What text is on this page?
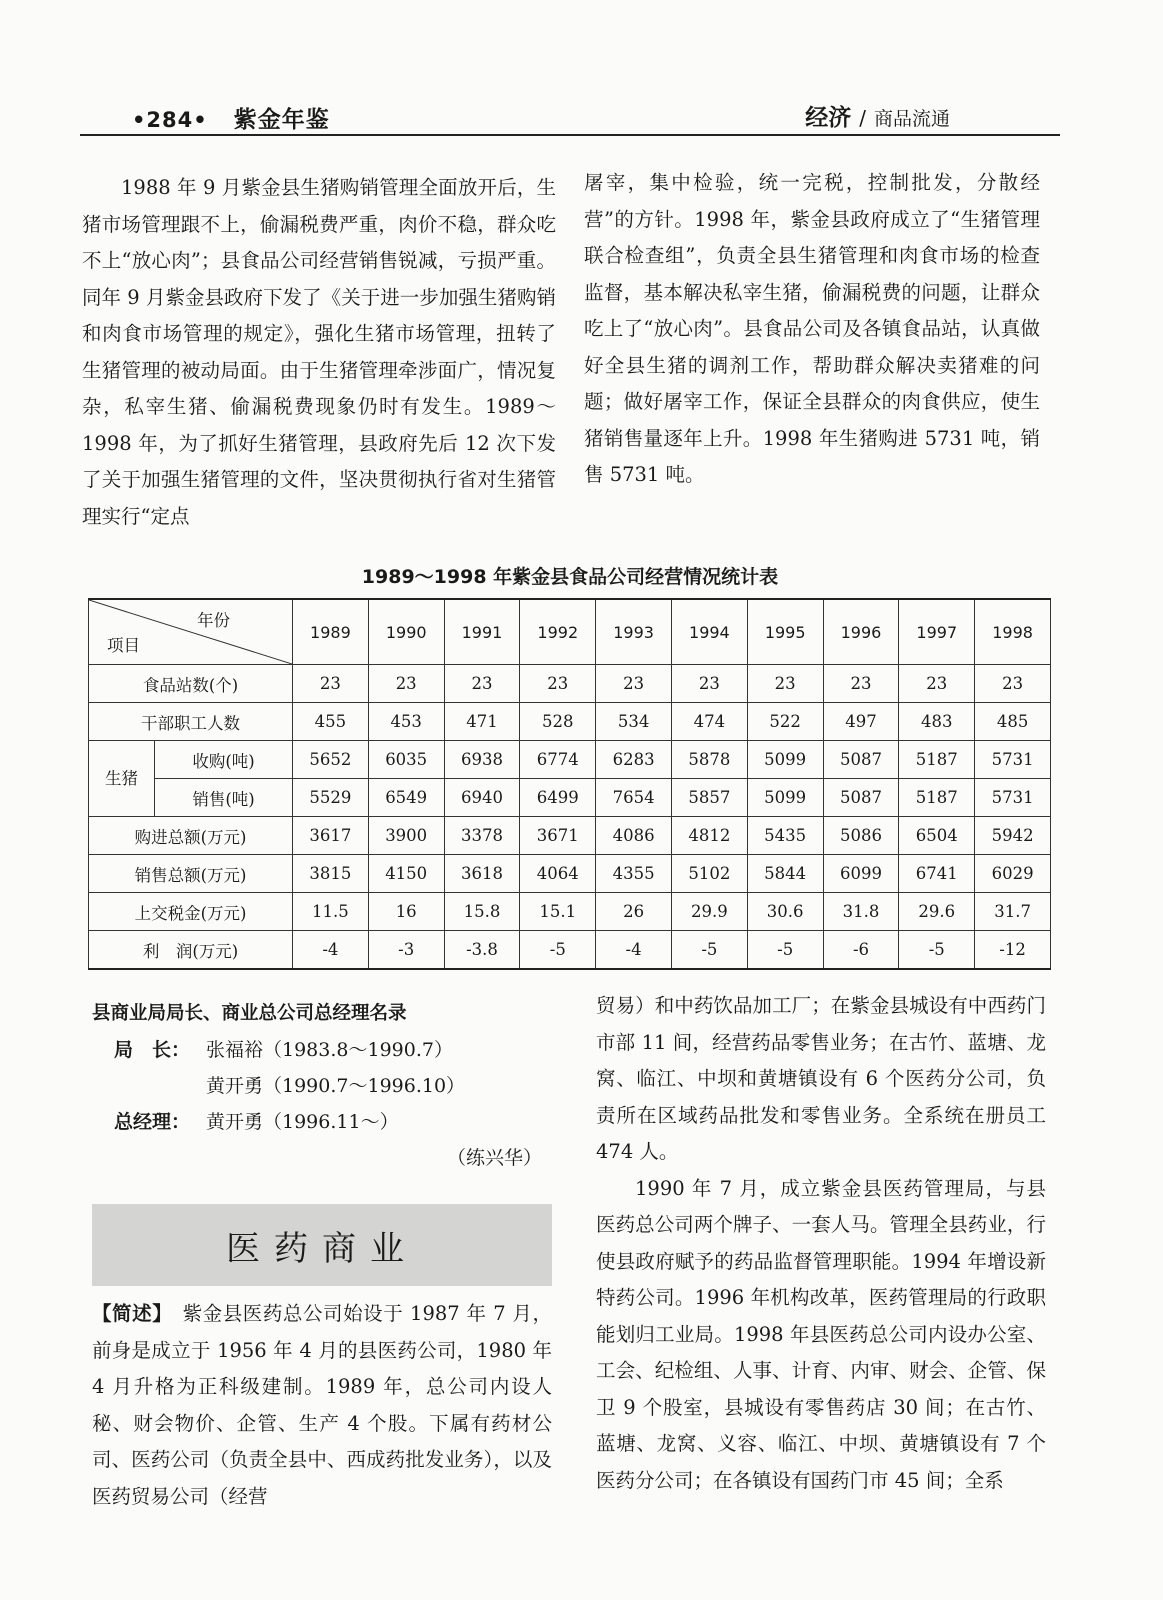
•284• 紫金年鉴	经济 / 商品流通

1988 年 9 月紫金县生猪购销管理全面放开后，生猪市场管理跟不上，偷漏税费严重，肉价不稳，群众吃不上“放心肉”；县食品公司经营销售锐减，亏损严重。同年 9 月紫金县政府下发了《关于进一步加强生猪购销和肉食市场管理的规定》，强化生猪市场管理，扭转了生猪管理的被动局面。由于生猪管理牵涉面广，情况复杂，私宰生猪、偷漏税费现象仍时有发生。1989～1998 年，为了抓好生猪管理，县政府先后 12 次下发了关于加强生猪管理的文件，坚决贯彻执行省对生猪管理实行“定点

屠宰，集中检验，统一完税，控制批发，分散经营”的方针。1998 年，紫金县政府成立了“生猪管理联合检查组”，负责全县生猪管理和肉食市场的检查监督，基本解决私宰生猪，偷漏税费的问题，让群众吃上了“放心肉”。县食品公司及各镇食品站，认真做好全县生猪的调剂工作，帮助群众解决卖猪难的问题；做好屠宰工作，保证全县群众的肉食供应，使生猪销售量逐年上升。1998 年生猪购进 5731 吨，销售 5731 吨。

1989～1998 年紫金县食品公司经营情况统计表
年份
项目		1989	1990	1991	1992	1993	1994	1995	1996	1997	1998
食品站数(个)		23	23	23	23	23	23	23	23	23	23
干部职工人数		455	453	471	528	534	474	522	497	483	485
生猪	收购(吨)	5652	6035	6938	6774	6283	5878	5099	5087	5187	5731
	销售(吨)	5529	6549	6940	6499	7654	5857	5099	5087	5187	5731
购进总额(万元)		3617	3900	3378	3671	4086	4812	5435	5086	6504	5942
销售总额(万元)		3815	4150	3618	4064	4355	5102	5844	6099	6741	6029
上交税金(万元)		11.5	16	15.8	15.1	26	29.9	30.6	31.8	29.6	31.7
利　润(万元)		-4	-3	-3.8	-5	-4	-5	-5	-6	-5	-12
县商业局局长、商业总公司总经理名录
局　长： 张福裕（1983.8～1990.7）
黄开勇（1990.7～1996.10）
总经理： 黄开勇（1996.11～）
（练兴华）
医药商业

【简述】　 紫金县医药总公司始设于 1987 年 7 月，前身是成立于 1956 年 4 月的县医药公司，1980 年 4 月升格为正科级建制。1989 年，总公司内设人秘、财会物价、企管、生产 4 个股。下属有药材公司、医药公司（负责全县中、西成药批发业务），以及医药贸易公司（经营

贸易）和中药饮品加工厂；在紫金县城设有中西药门市部 11 间，经营药品零售业务；在古竹、蓝塘、龙窝、临江、中坝和黄塘镇设有 6 个医药分公司，负责所在区域药品批发和零售业务。全系统在册员工 474 人。

1990 年 7 月，成立紫金县医药管理局，与县医药总公司两个牌子、一套人马。管理全县药业，行使县政府赋予的药品监督管理职能。1994 年增设新特药公司。1996 年机构改革，医药管理局的行政职能划归工业局。1998 年县医药总公司内设办公室、工会、纪检组、人事、计育、内审、财会、企管、保卫 9 个股室，县城设有零售药店 30 间；在古竹、蓝塘、龙窝、义容、临江、中坝、黄塘镇设有 7 个医药分公司；在各镇设有国药门市 45 间；全系
